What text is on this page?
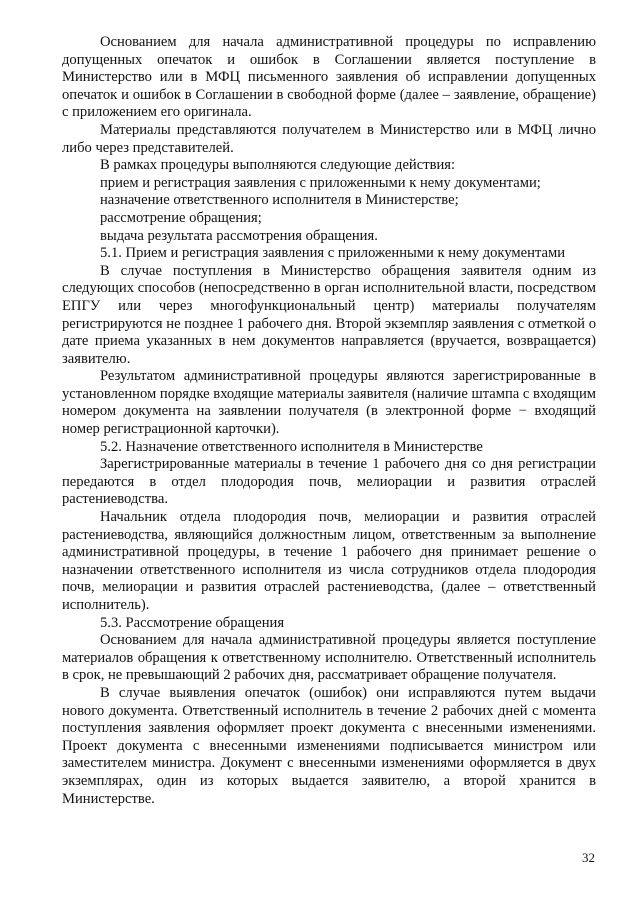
Основанием для начала административной процедуры по исправлению допущенных опечаток и ошибок в Соглашении является поступление в Министерство или в МФЦ письменного заявления об исправлении допущенных опечаток и ошибок в Соглашении в свободной форме (далее – заявление, обращение) с приложением его оригинала.

Материалы представляются получателем в Министерство или в МФЦ лично либо через представителей.

В рамках процедуры выполняются следующие действия:

прием и регистрация заявления с приложенными к нему документами;

назначение ответственного исполнителя в Министерстве;

рассмотрение обращения;

выдача результата рассмотрения обращения.

5.1. Прием и регистрация заявления с приложенными к нему документами

В случае поступления в Министерство обращения заявителя одним из следующих способов (непосредственно в орган исполнительной власти, посредством ЕПГУ или через многофункциональный центр) материалы получателям регистрируются не позднее 1 рабочего дня. Второй экземпляр заявления с отметкой о дате приема указанных в нем документов направляется (вручается, возвращается) заявителю.

Результатом административной процедуры являются зарегистрированные в установленном порядке входящие материалы заявителя (наличие штампа с входящим номером документа на заявлении получателя (в электронной форме − входящий номер регистрационной карточки).

5.2. Назначение ответственного исполнителя в Министерстве

Зарегистрированные материалы в течение 1 рабочего дня со дня регистрации передаются в отдел плодородия почв, мелиорации и развития отраслей растениеводства.

Начальник отдела плодородия почв, мелиорации и развития отраслей растениеводства, являющийся должностным лицом, ответственным за выполнение административной процедуры, в течение 1 рабочего дня принимает решение о назначении ответственного исполнителя из числа сотрудников отдела плодородия почв, мелиорации и развития отраслей растениеводства, (далее – ответственный исполнитель).

5.3. Рассмотрение обращения

Основанием для начала административной процедуры является поступление материалов обращения к ответственному исполнителю. Ответственный исполнитель в срок, не превышающий 2 рабочих дня, рассматривает обращение получателя.

В случае выявления опечаток (ошибок) они исправляются путем выдачи нового документа. Ответственный исполнитель в течение 2 рабочих дней с момента поступления заявления оформляет проект документа с внесенными изменениями. Проект документа с внесенными изменениями подписывается министром или заместителем министра. Документ с внесенными изменениями оформляется в двух экземплярах, один из которых выдается заявителю, а второй хранится в Министерстве.

32
